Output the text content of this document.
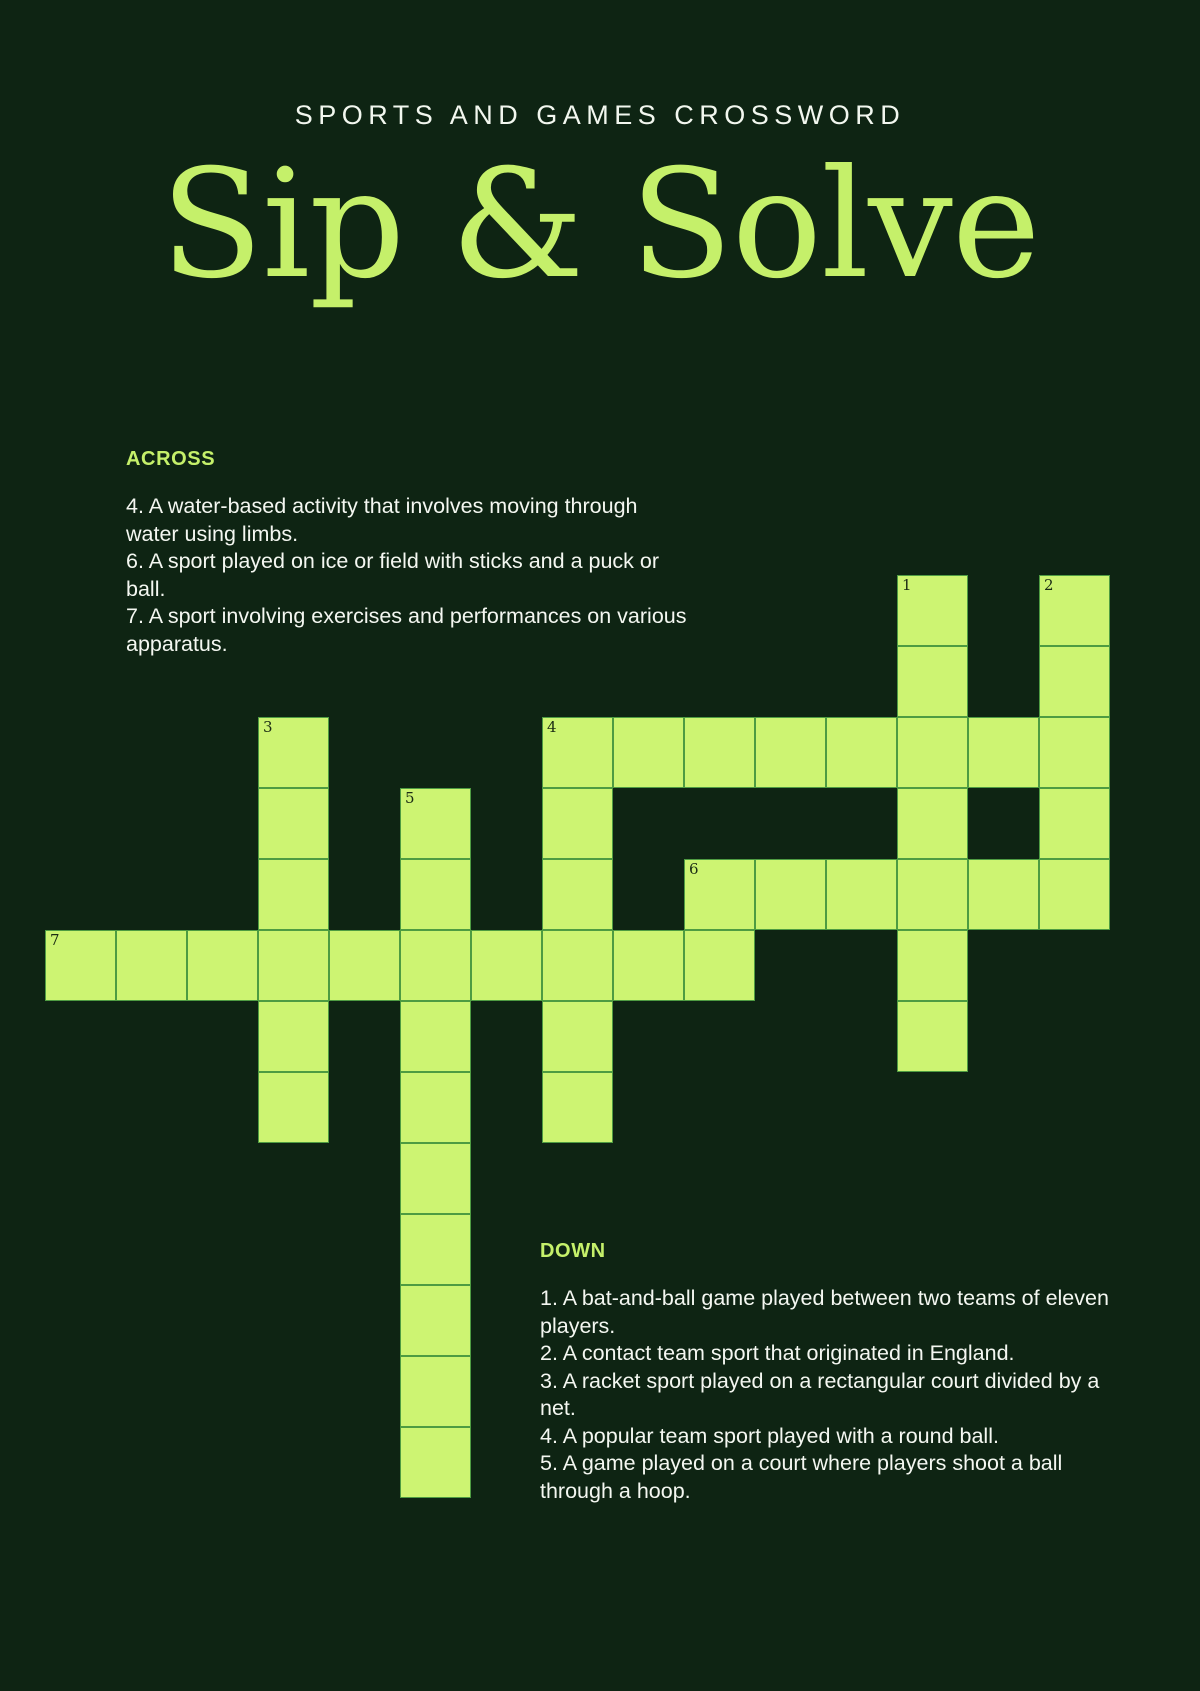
SPORTS AND GAMES CROSSWORD
Sip & Solve
ACROSS
4. A water-based activity that involves moving through water using limbs.
6. A sport played on ice or field with sticks and a puck or ball.
7. A sport involving exercises and performances on various apparatus.
DOWN
1. A bat-and-ball game played between two teams of eleven players.
2. A contact team sport that originated in England.
3. A racket sport played on a rectangular court divided by a net.
4. A popular team sport played with a round ball.
5. A game played on a court where players shoot a ball through a hoop.
1	2
3	4
5
6
7
